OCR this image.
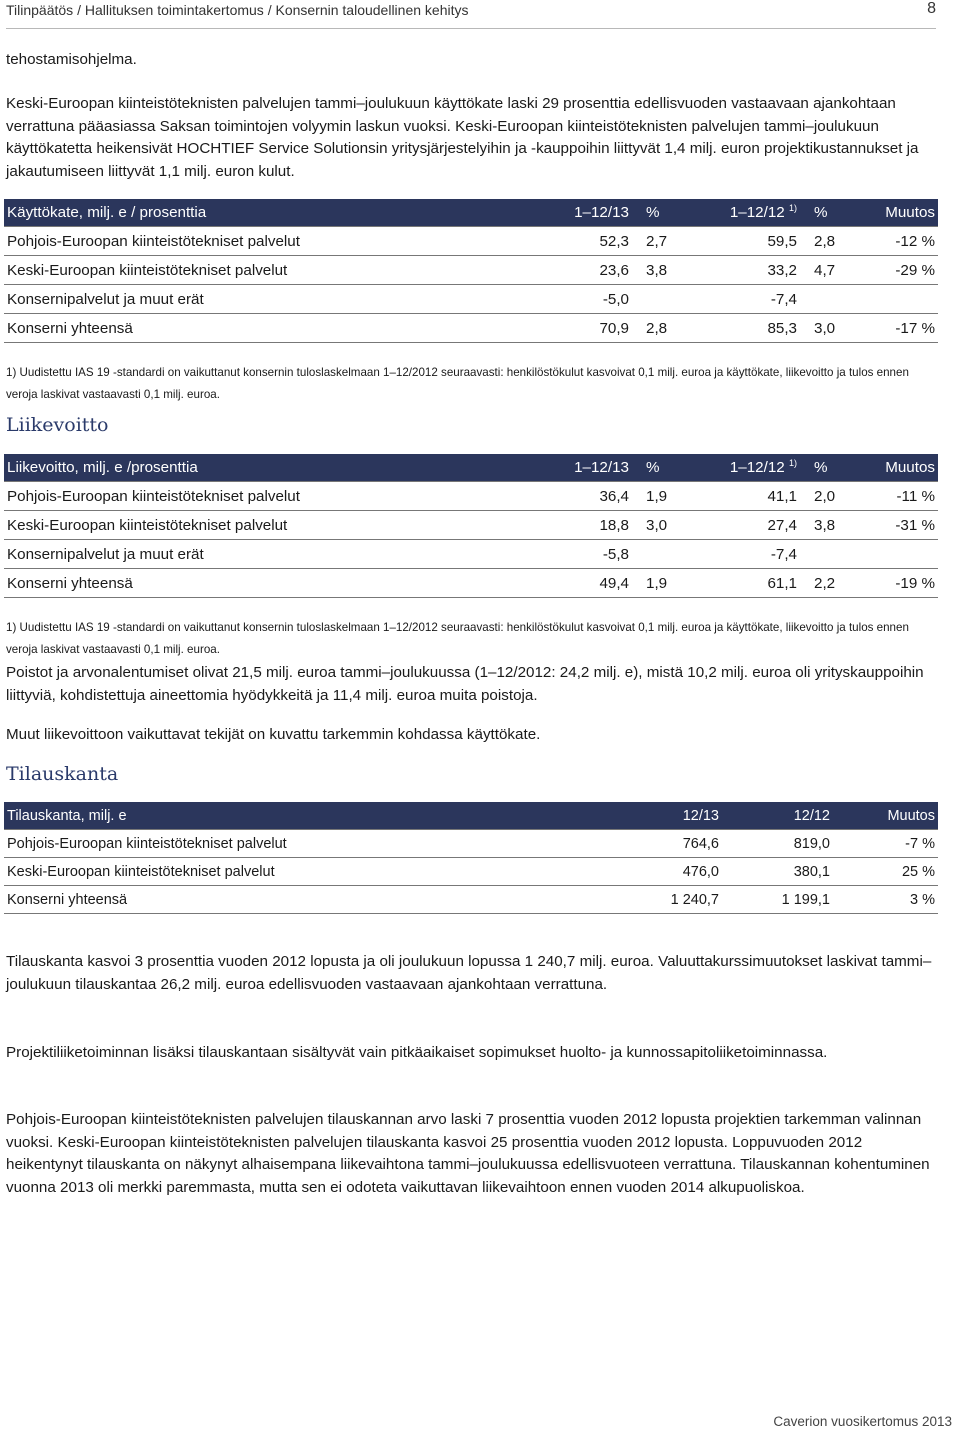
Tilinpäätös / Hallituksen toimintakertomus / Konsernin taloudellinen kehitys	8

tehostamisohjelma.

Keski-Euroopan kiinteistöteknisten palvelujen tammi–joulukuun käyttökate laski 29 prosenttia edellisvuoden vastaavaan ajankohtaan verrattuna pääasiassa Saksan toimintojen volyymin laskun vuoksi. Keski-Euroopan kiinteistöteknisten palvelujen tammi–joulukuun käyttökatetta heikensivät HOCHTIEF Service Solutionsin yritysjärjestelyihin ja -kauppoihin liittyvät 1,4 milj. euron projektikustannukset ja jakautumiseen liittyvät 1,1 milj. euron kulut.

Käyttökate, milj. e / prosenttia	1–12/13	%	1–12/12 $^{1)}$	%	Muutos
Pohjois-Euroopan kiinteistötekniset palvelut	52,3	2,7	59,5	2,8	-12 %
Keski-Euroopan kiinteistötekniset palvelut	23,6	3,8	33,2	4,7	-29 %
Konsernipalvelut ja muut erät	-5,0		-7,4		
Konserni yhteensä	70,9	2,8	85,3	3,0	-17 %

1) Uudistettu IAS 19 -standardi on vaikuttanut konsernin tuloslaskelmaan 1–12/2012 seuraavasti: henkilöstökulut kasvoivat 0,1 milj. euroa ja käyttökate, liikevoitto ja tulos ennen veroja laskivat vastaavasti 0,1 milj. euroa.

Liikevoitto
Liikevoitto, milj. e /prosenttia	1–12/13	%	1–12/12 $^{1)}$	%	Muutos
Pohjois-Euroopan kiinteistötekniset palvelut	36,4	1,9	41,1	2,0	-11 %
Keski-Euroopan kiinteistötekniset palvelut	18,8	3,0	27,4	3,8	-31 %
Konsernipalvelut ja muut erät	-5,8		-7,4		
Konserni yhteensä	49,4	1,9	61,1	2,2	-19 %

1) Uudistettu IAS 19 -standardi on vaikuttanut konsernin tuloslaskelmaan 1–12/2012 seuraavasti: henkilöstökulut kasvoivat 0,1 milj. euroa ja käyttökate, liikevoitto ja tulos ennen veroja laskivat vastaavasti 0,1 milj. euroa.

Poistot ja arvonalentumiset olivat 21,5 milj. euroa tammi–joulukuussa (1–12/2012: 24,2 milj. e), mistä 10,2 milj. euroa oli yrityskauppoihin liittyviä, kohdistettuja aineettomia hyödykkeitä ja 11,4 milj. euroa muita poistoja.

Muut liikevoittoon vaikuttavat tekijät on kuvattu tarkemmin kohdassa käyttökate.

Tilauskanta
Tilauskanta, milj. e	12/13	12/12	Muutos
Pohjois-Euroopan kiinteistötekniset palvelut	764,6	819,0	-7 %
Keski-Euroopan kiinteistötekniset palvelut	476,0	380,1	25 %
Konserni yhteensä	1 240,7	1 199,1	3 %

Tilauskanta kasvoi 3 prosenttia vuoden 2012 lopusta ja oli joulukuun lopussa 1 240,7 milj. euroa. Valuuttakurssimuutokset laskivat tammi–joulukuun tilauskantaa 26,2 milj. euroa edellisvuoden vastaavaan ajankohtaan verrattuna.

Projektiliiketoiminnan lisäksi tilauskantaan sisältyvät vain pitkäaikaiset sopimukset huolto- ja kunnossapitoliiketoiminnassa.

Pohjois-Euroopan kiinteistöteknisten palvelujen tilauskannan arvo laski 7 prosenttia vuoden 2012 lopusta projektien tarkemman valinnan vuoksi. Keski-Euroopan kiinteistöteknisten palvelujen tilauskanta kasvoi 25 prosenttia vuoden 2012 lopusta. Loppuvuoden 2012 heikentynyt tilauskanta on näkynyt alhaisempana liikevaihtona tammi–joulukuussa edellisvuoteen verrattuna. Tilauskannan kohentuminen vuonna 2013 oli merkki paremmasta, mutta sen ei odoteta vaikuttavan liikevaihtoon ennen vuoden 2014 alkupuoliskoa.

Caverion vuosikertomus 2013
